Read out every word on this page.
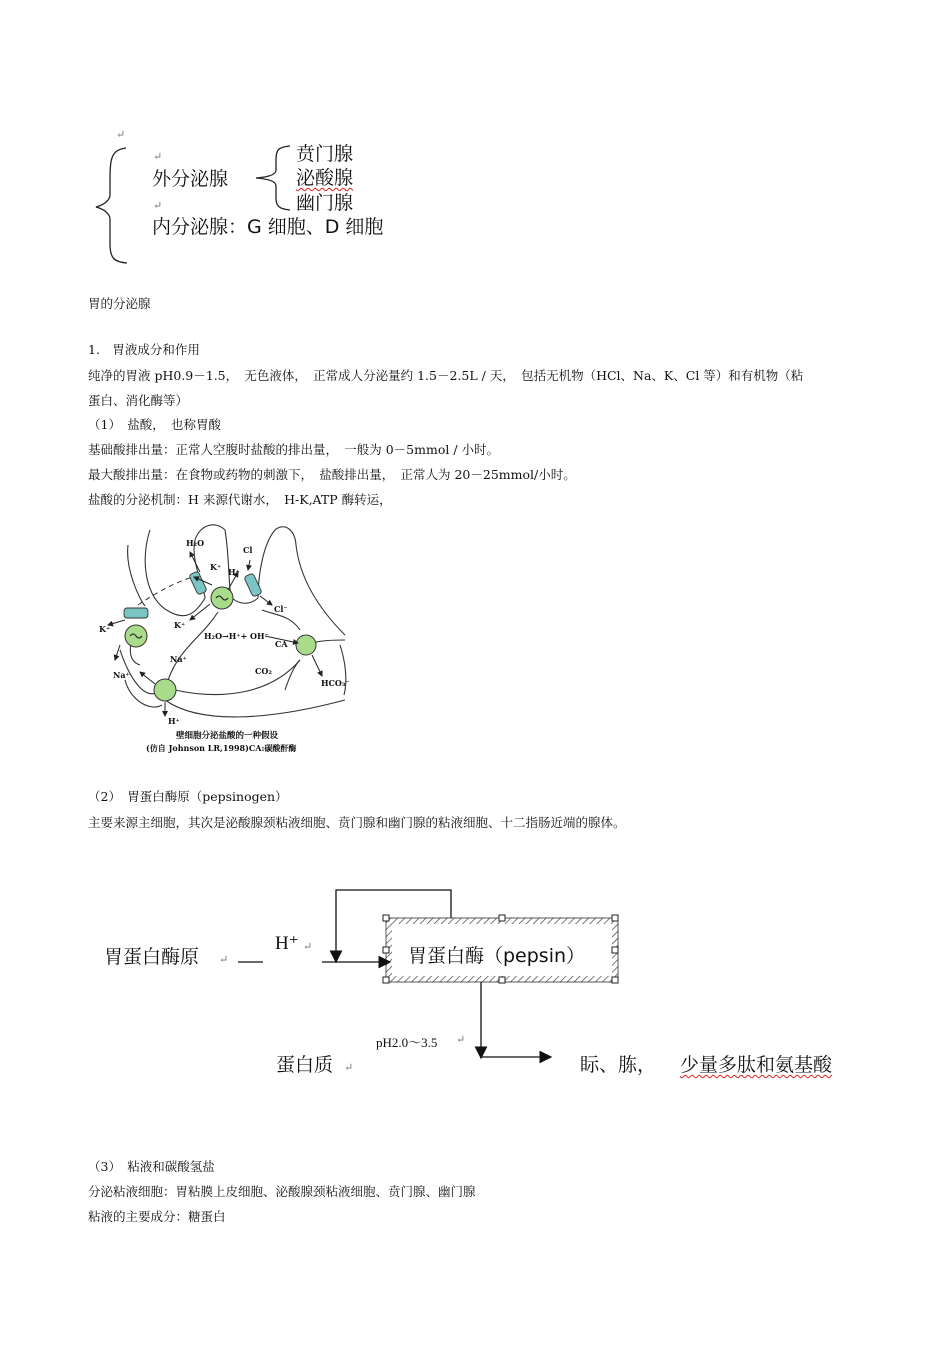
↵
↵
外分泌腺
↵
贲门腺
泌酸腺
幽门腺
内分泌腺：G 细胞、D 细胞
胃的分泌腺
1.　胃液成分和作用
纯净的胃液 pH0.9－1.5，　无色液体，　正常成人分泌量约 1.5－2.5L / 天，　包括无机物（HCl、Na、K、Cl 等）和有机物（粘
蛋白、消化酶等）
（1）　盐酸，　也称胃酸
基础酸排出量：正常人空腹时盐酸的排出量，　一般为 0－5mmol / 小时。
最大酸排出量：在食物或药物的刺激下，　盐酸排出量，　正常人为 20－25mmol/小时。
盐酸的分泌机制：H 来源代谢水，　H-K,ATP 酶转运，
H₂O
Cl
K⁺ H⁺
Cl⁻
K⁺
K⁺
H₂O→H⁺+ OH⁻
CA
Na⁺
Na⁺	CO₂
HCO₃⁻
H⁺
壁细胞分泌盐酸的一种假设
(仿自 Johnson LR,1998)CA:碳酸酐酶
（2）　胃蛋白酶原（pepsinogen）
主要来源主细胞，其次是泌酸腺颈粘液细胞、贲门腺和幽门腺的粘液细胞、十二指肠近端的腺体。
胃蛋白酶原 ↵
H⁺ ↵	胃蛋白酶（pepsin）
pH2.0～3.5 ↵
蛋白质 ↵	眎、胨， 少量多肽和氨基酸
（3）　粘液和碳酸氢盐
分泌粘液细胞：胃粘膜上皮细胞、泌酸腺颈粘液细胞、贲门腺、幽门腺
粘液的主要成分：糖蛋白
